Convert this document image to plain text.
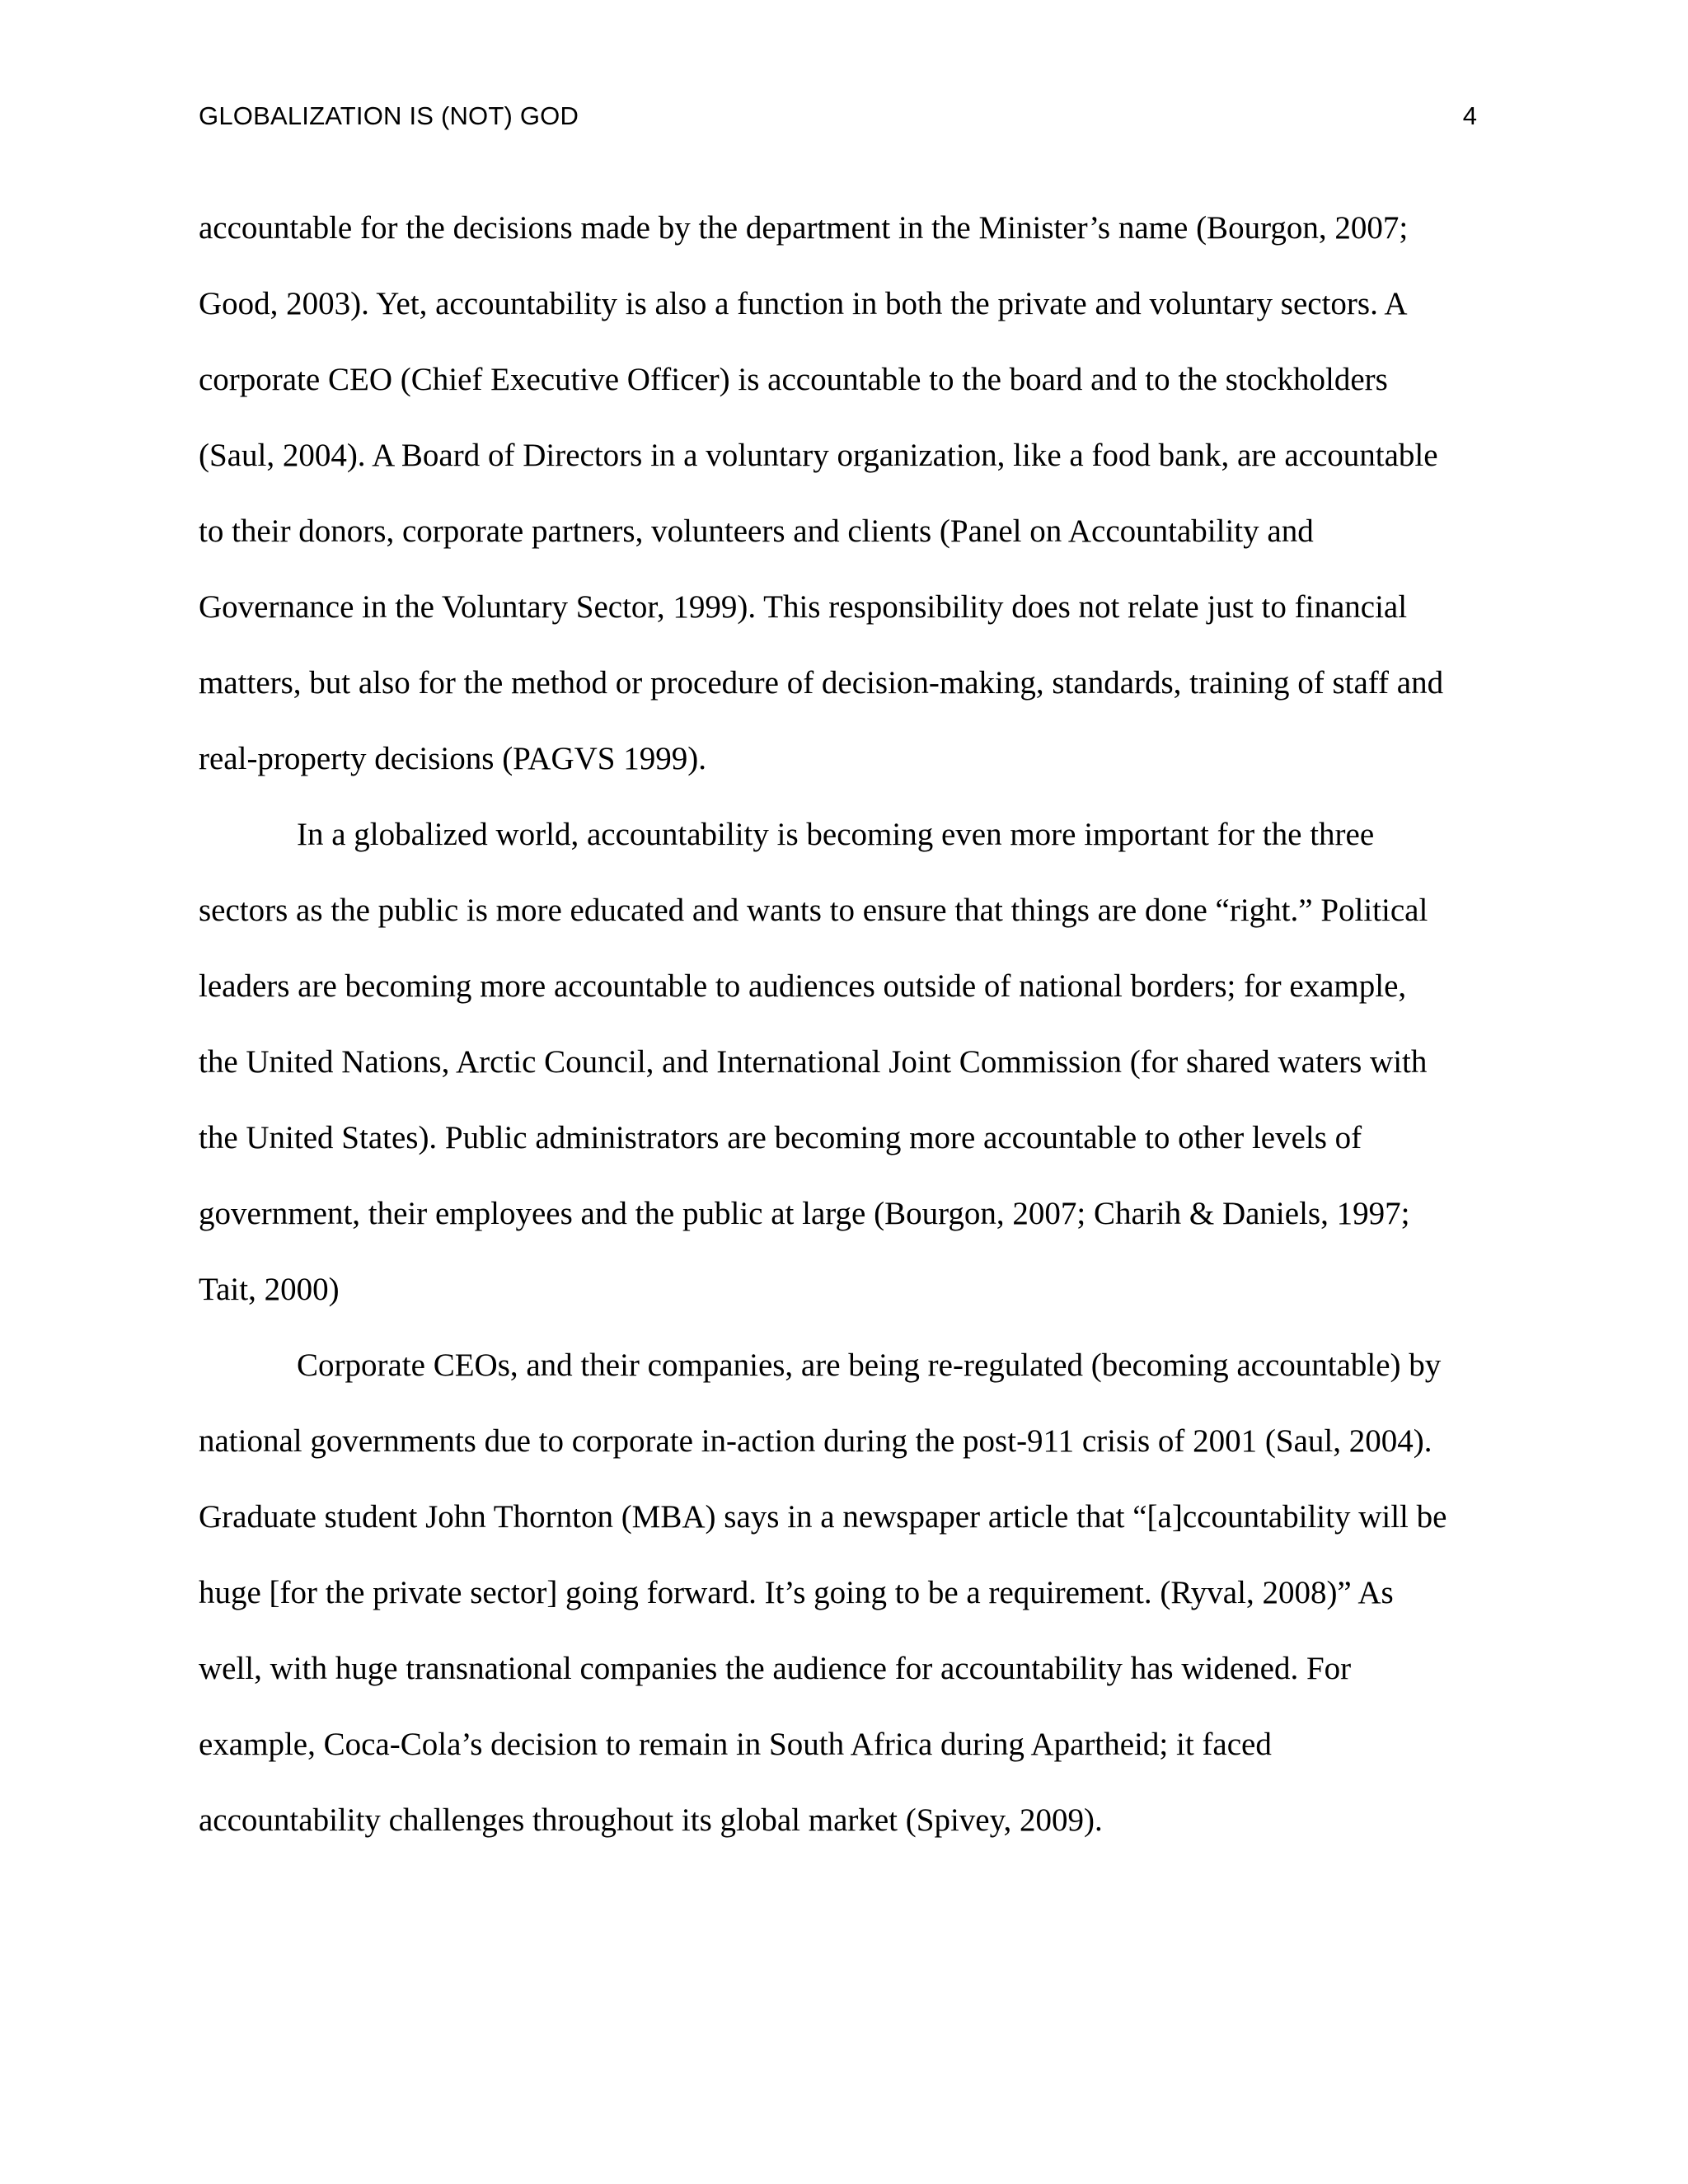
GLOBALIZATION IS (NOT) GOD	4
accountable for the decisions made by the department in the Minister’s name (Bourgon, 2007;
Good, 2003). Yet, accountability is also a function in both the private and voluntary sectors. A
corporate CEO (Chief Executive Officer) is accountable to the board and to the stockholders
(Saul, 2004). A Board of Directors in a voluntary organization, like a food bank, are accountable
to their donors, corporate partners, volunteers and clients (Panel on Accountability and
Governance in the Voluntary Sector, 1999). This responsibility does not relate just to financial
matters, but also for the method or procedure of decision-making, standards, training of staff and
real-property decisions (PAGVS 1999).
In a globalized world, accountability is becoming even more important for the three
sectors as the public is more educated and wants to ensure that things are done “right.” Political
leaders are becoming more accountable to audiences outside of national borders; for example,
the United Nations, Arctic Council, and International Joint Commission (for shared waters with
the United States). Public administrators are becoming more accountable to other levels of
government, their employees and the public at large (Bourgon, 2007; Charih & Daniels, 1997;
Tait, 2000)
Corporate CEOs, and their companies, are being re-regulated (becoming accountable) by
national governments due to corporate in-action during the post-911 crisis of 2001 (Saul, 2004).
Graduate student John Thornton (MBA) says in a newspaper article that “[a]ccountability will be
huge [for the private sector] going forward. It’s going to be a requirement. (Ryval, 2008)” As
well, with huge transnational companies the audience for accountability has widened. For
example, Coca-Cola’s decision to remain in South Africa during Apartheid; it faced
accountability challenges throughout its global market (Spivey, 2009).
